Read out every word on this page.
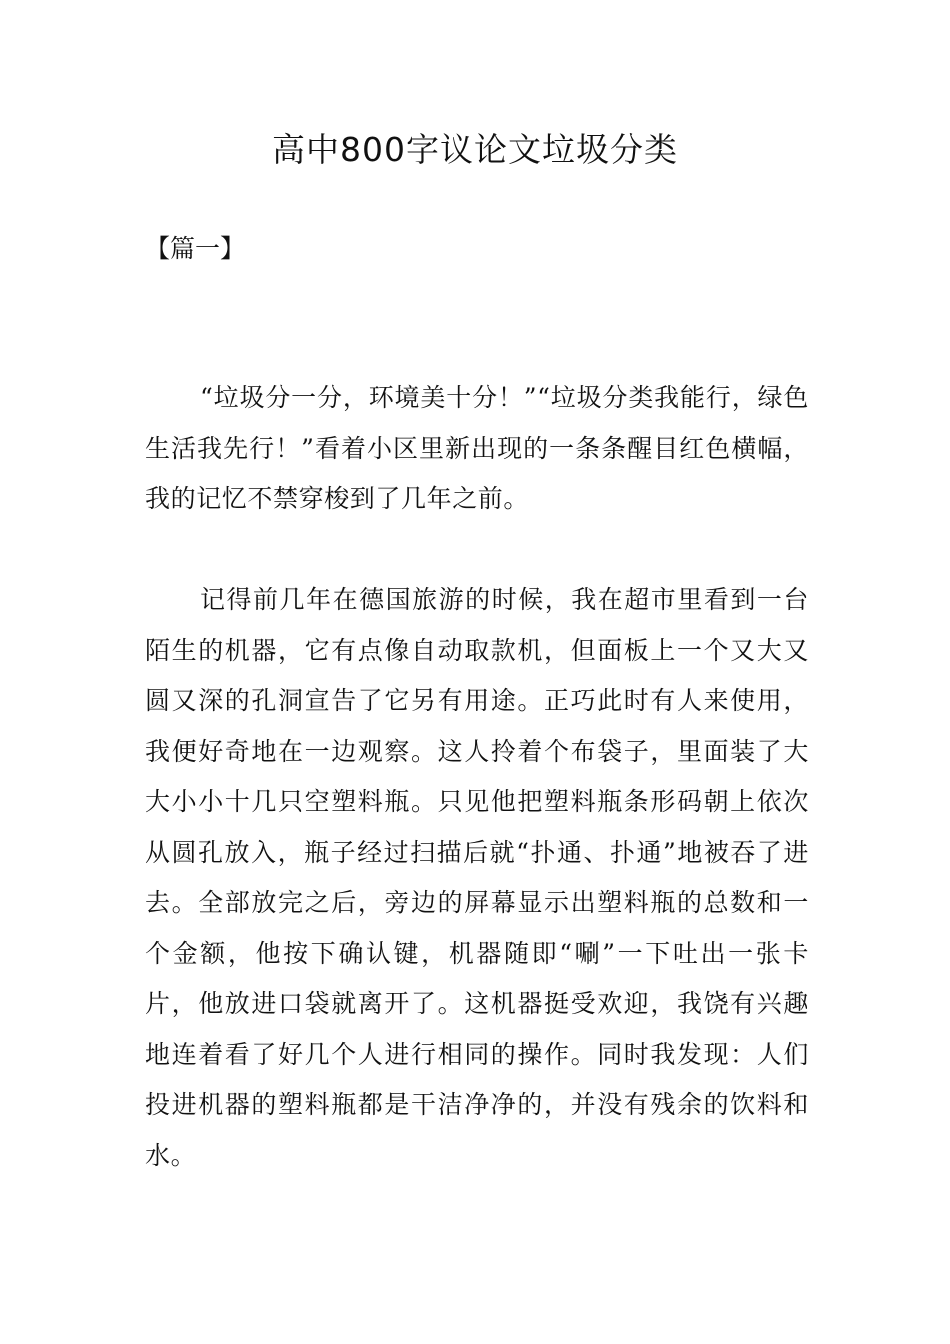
高中800字议论文垃圾分类

【篇一】

“垃圾分一分，环境美十分！”“垃圾分类我能行，绿色生活我先行！”看着小区里新出现的一条条醒目红色横幅，我的记忆不禁穿梭到了几年之前。

记得前几年在德国旅游的时候，我在超市里看到一台陌生的机器，它有点像自动取款机，但面板上一个又大又圆又深的孔洞宣告了它另有用途。正巧此时有人来使用，我便好奇地在一边观察。这人拎着个布袋子，里面装了大大小小十几只空塑料瓶。只见他把塑料瓶条形码朝上依次从圆孔放入，瓶子经过扫描后就“扑通、扑通”地被吞了进去。全部放完之后，旁边的屏幕显示出塑料瓶的总数和一个金额，他按下确认键，机器随即“唰”一下吐出一张卡片，他放进口袋就离开了。这机器挺受欢迎，我饶有兴趣地连着看了好几个人进行相同的操作。同时我发现：人们投进机器的塑料瓶都是干洁净净的，并没有残余的饮料和水。
